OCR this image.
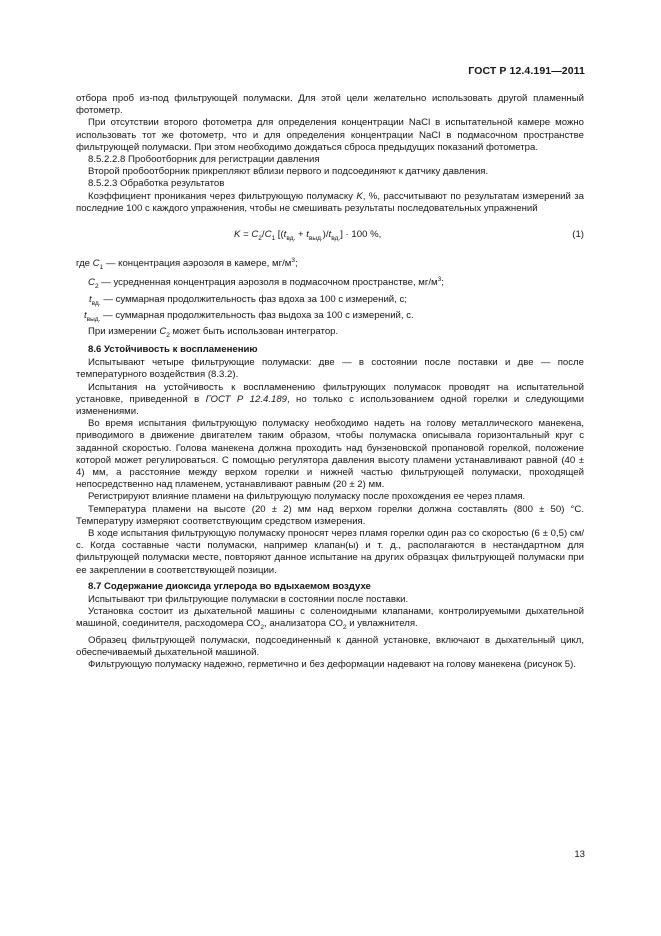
ГОСТ Р 12.4.191—2011

отбора проб из-под фильтрующей полумаски. Для этой цели желательно использовать другой пламенный фотометр.

При отсутствии второго фотометра для определения концентрации NaCl в испытательной камере можно использовать тот же фотометр, что и для определения концентрации NaCl в подмасочном пространстве фильтрующей полумаски. При этом необходимо дождаться сброса предыдущих показаний фотометра.

8.5.2.2.8 Пробоотборник для регистрации давления

Второй пробоотборник прикрепляют вблизи первого и подсоединяют к датчику давления.

8.5.2.3 Обработка результатов

Коэффициент проникания через фильтрующую полумаску K, %, рассчитывают по результатам измерений за последние 100 с каждого упражнения, чтобы не смешивать результаты последовательных упражнений

$K = C_2/C_1$ $[(t_{вд.} + t_{выд.})/t_{вд.}] \cdot 100$ %,	(1)
где $C_1$ — концентрация аэрозоля в камере, $мг/м^3$;
$C_2$ — усредненная концентрация аэрозоля в подмасочном пространстве, $мг/м^3$;
$t_{вд.}$ — суммарная продолжительность фаз вдоха за 100 с измерений, с;
$t_{выд.}$ — суммарная продолжительность фаз выдоха за 100 с измерений, с.
При измерении $C_2$ может быть использован интегратор.
8.6 Устойчивость к воспламенению

Испытывают четыре фильтрующие полумаски: две — в состоянии после поставки и две — после температурного воздействия (8.3.2).

Испытания на устойчивость к воспламенению фильтрующих полумасок проводят на испытательной установке, приведенной в ГОСТ Р 12.4.189, но только с использованием одной горелки и следующими изменениями.

Во время испытания фильтрующую полумаску необходимо надеть на голову металлического манекена, приводимого в движение двигателем таким образом, чтобы полумаска описывала горизонтальный круг с заданной скоростью. Голова манекена должна проходить над бунзеновской пропановой горелкой, положение которой может регулироваться. С помощью регулятора давления высоту пламени устанавливают равной (40 ± 4) мм, а расстояние между верхом горелки и нижней частью фильтрующей полумаски, проходящей непосредственно над пламенем, устанавливают равным (20 ± 2) мм.

Регистрируют влияние пламени на фильтрующую полумаску после прохождения ее через пламя.

Температура пламени на высоте (20 ± 2) мм над верхом горелки должна составлять (800 ± 50) °С. Температуру измеряют соответствующим средством измерения.

В ходе испытания фильтрующую полумаску проносят через пламя горелки один раз со скоростью (6 ± 0,5) см/с. Когда составные части полумаски, например клапан(ы) и т. д., располагаются в нестандартном для фильтрующей полумаски месте, повторяют данное испытание на других образцах фильтрующей полумаски при ее закреплении в соответствующей позиции.

8.7 Содержание диоксида углерода во вдыхаемом воздухе

Испытывают три фильтрующие полумаски в состоянии после поставки.

Установка состоит из дыхательной машины с соленоидными клапанами, контролируемыми дыхательной машиной, соединителя, расходомера $СО_2$, анализатора $СО_2$ и увлажнителя.

Образец фильтрующей полумаски, подсоединенный к данной установке, включают в дыхательный цикл, обеспечиваемый дыхательной машиной.

Фильтрующую полумаску надежно, герметично и без деформации надевают на голову манекена (рисунок 5).

13
